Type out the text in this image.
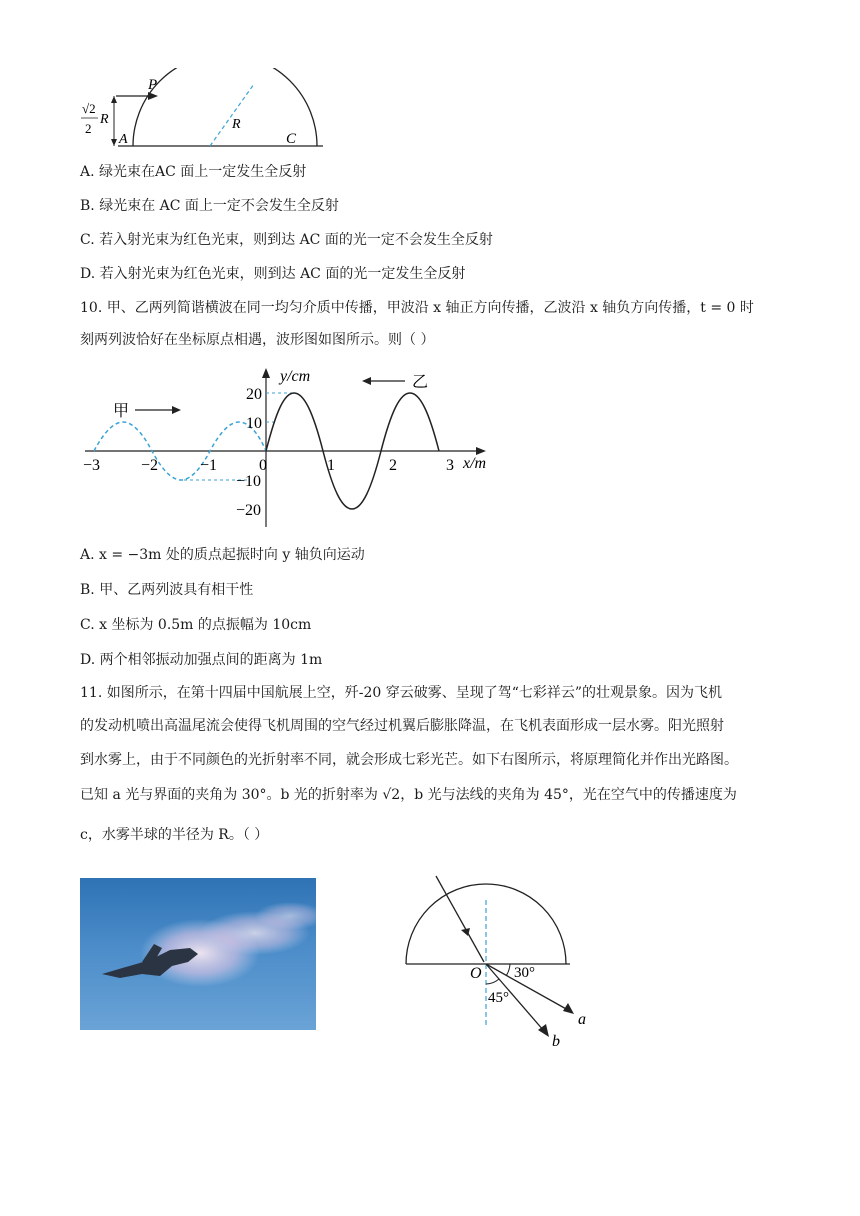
P
A	C
R
√2
2
R
A. 绿光束在AC 面上一定发生全反射
B. 绿光束在 AC 面上一定不会发生全反射
C. 若入射光束为红色光束，则到达 AC 面的光一定不会发生全反射
D. 若入射光束为红色光束，则到达 AC 面的光一定发生全反射
10. 甲、乙两列简谐横波在同一均匀介质中传播，甲波沿 x 轴正方向传播，乙波沿 x 轴负方向传播，t = 0 时
刻两列波恰好在坐标原点相遇，波形图如图所示。则（ ）
甲
乙
y/cm
x/m
−3	−2	−1	0	1	2	3
20
10
−10
−20
A. x = −3m 处的质点起振时向 y 轴负向运动
B. 甲、乙两列波具有相干性
C. x 坐标为 0.5m 的点振幅为 10cm
D. 两个相邻振动加强点间的距离为 1m
11. 如图所示，在第十四届中国航展上空，歼-20 穿云破雾、呈现了驾“七彩祥云”的壮观景象。因为飞机
的发动机喷出高温尾流会使得飞机周围的空气经过机翼后膨胀降温，在飞机表面形成一层水雾。阳光照射
到水雾上，由于不同颜色的光折射率不同，就会形成七彩光芒。如下右图所示，将原理简化并作出光路图。
已知 a 光与界面的夹角为 30°。b 光的折射率为 √2，b 光与法线的夹角为 45°，光在空气中的传播速度为
c，水雾半球的半径为 R。（ ）
O 30°
45°
a
b
